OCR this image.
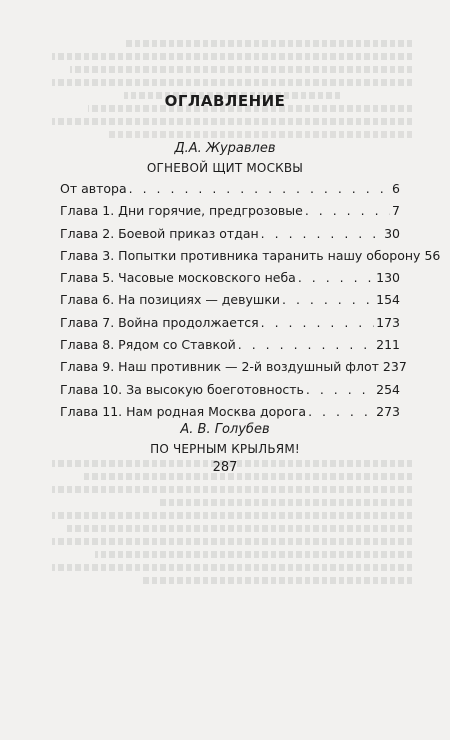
ОГЛАВЛЕНИЕ
Д.А. Журавлев
ОГНЕВОЙ ЩИТ МОСКВЫ
От автора . . .	6
Глава 1. Дни горячие, предгрозовые . . .	7
Глава 2. Боевой приказ отдан . . .	30
Глава 3. Попытки противника таранить нашу оборону 56
Глава 5. Часовые московского неба . . .	130
Глава 6. На позициях — девушки . . .	154
Глава 7. Война продолжается . . .	173
Глава 8. Рядом со Ставкой . . .	211
Глава 9. Наш противник — 2-й воздушный флот 237
Глава 10. За высокую боеготовность . . .	254
Глава 11. Нам родная Москва дорога . . .	273
А. В. Голубев
ПО ЧЕРНЫМ КРЫЛЬЯМ!
287
